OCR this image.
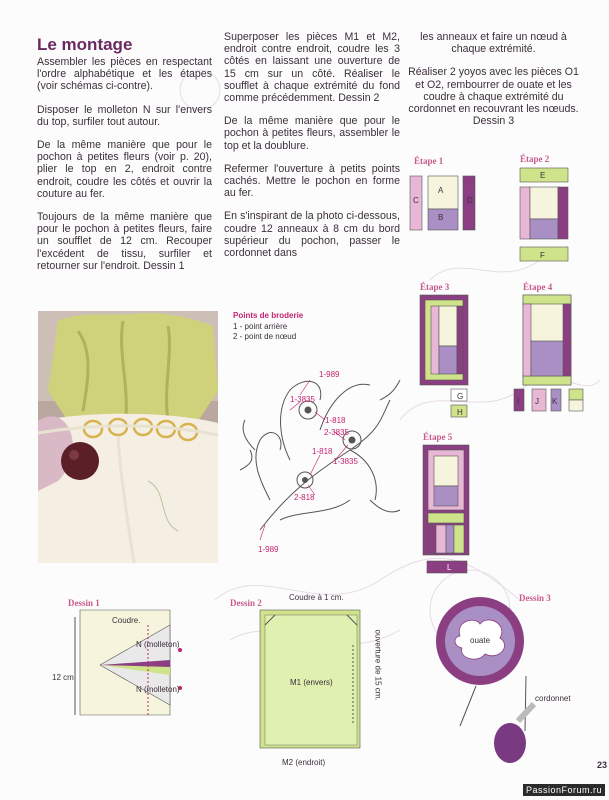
Le montage

Assembler les pièces en respectant l'ordre alphabétique et les étapes (voir schémas ci-contre).

Disposer le molleton N sur l'envers du top, surfiler tout autour.

De la même manière que pour le pochon à petites fleurs (voir p. 20), plier le top en 2, endroit contre endroit, coudre les côtés et ouvrir la couture au fer.

Toujours de la même manière que pour le pochon à petites fleurs, faire un soufflet de 12 cm. Recouper l'excédent de tissu, surfiler et retourner sur l'endroit. Dessin 1

Superposer les pièces M1 et M2, endroit contre endroit, coudre les 3 côtés en laissant une ouverture de 15 cm sur un côté. Réaliser le soufflet à chaque extrémité du fond comme précédemment. Dessin 2

De la même manière que pour le pochon à petites fleurs, assembler le top et la doublure.

Refermer l'ouverture à petits points cachés. Mettre le pochon en forme au fer.

En s'inspirant de la photo ci-dessous, coudre 12 anneaux à 8 cm du bord supérieur du pochon, passer le cordonnet dans

les anneaux et faire un nœud à chaque extrémité.

Réaliser 2 yoyos avec les pièces O1 et O2, rembourrer de ouate et les coudre à chaque extrémité du cordonnet en recouvrant les nœuds. Dessin 3

Points de broderie
1 - point arrière
2 - point de nœud
1-989
1-3835
1-818
2-3835
1-818
1-3835
2-818
1-989
Étape 1	Étape 2
Étape 3	Étape 4
Étape 5
A
B
C	D
E
F
G
H
I J K
L
Dessin 1
Coudre.
N (molleton)
N (molleton)
12 cm
Dessin 2
Coudre à 1 cm.
M1 (envers)
M2 (endroit)
ouverture de 15 cm.
Dessin 3
ouate
cordonnet
23
PassionForum.ru
